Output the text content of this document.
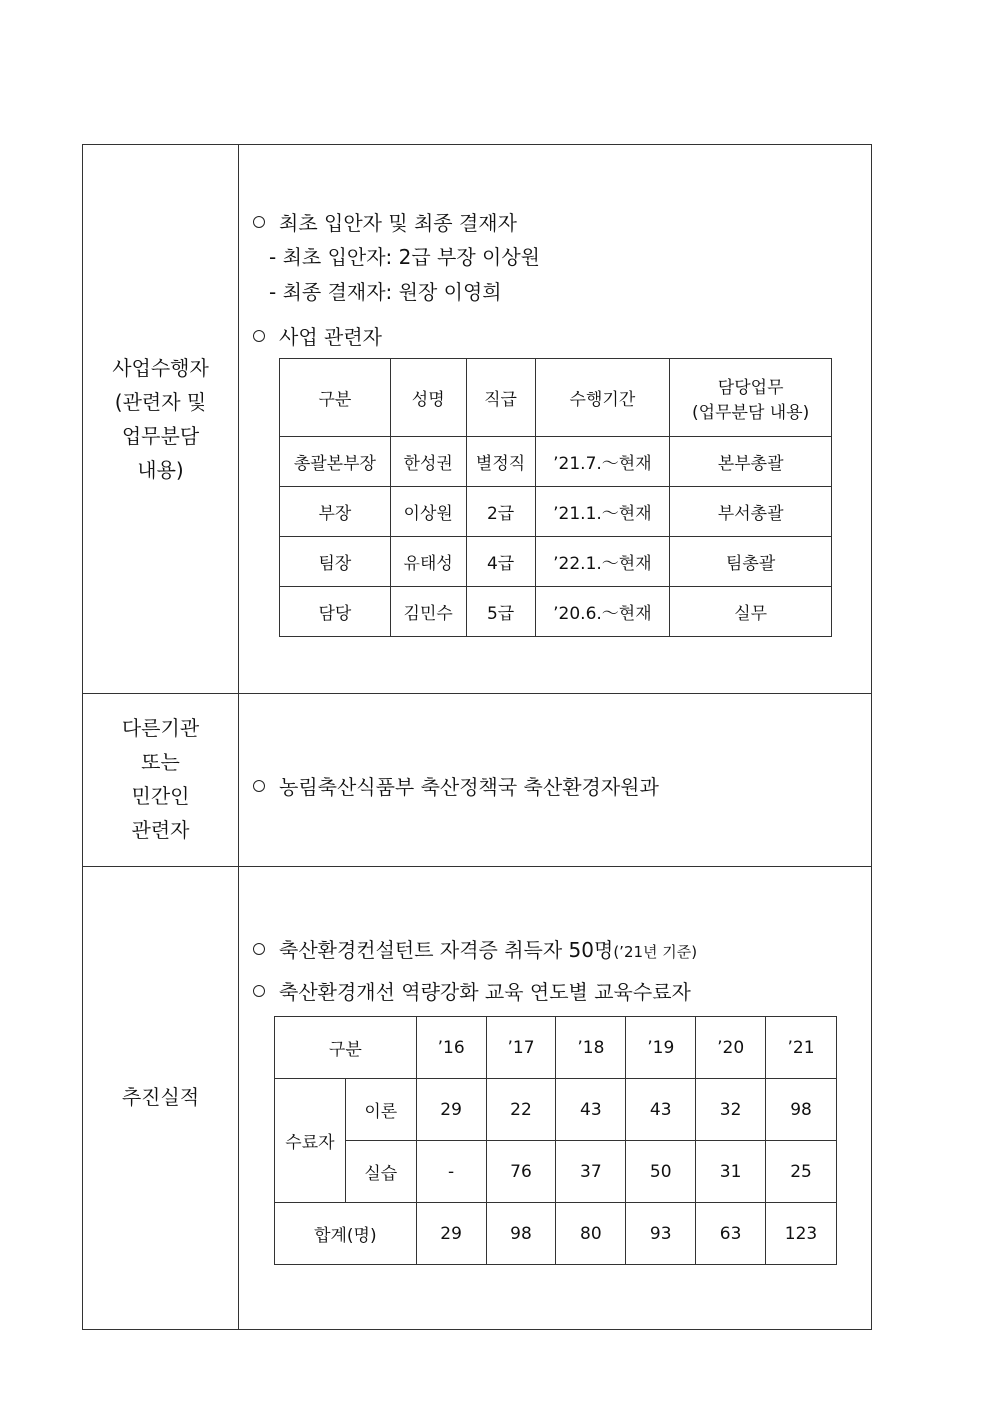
사업수행자
(관련자 및
업무분담
내용)
최초 입안자 및 최종 결재자
- 최초 입안자: 2급 부장 이상원
- 최종 결재자: 원장 이영희
사업 관련자
구분	성명	직급	수행기간	담당업무
(업무분담 내용)

총괄본부장	한성권	별정직	’21.7.～현재	본부총괄
부장	이상원	2급	’21.1.～현재	부서총괄
팀장	유태성	4급	’22.1.～현재	팀총괄
담당	김민수	5급	’20.6.～현재	실무
다른기관
또는
민간인
관련자
농림축산식품부 축산정책국 축산환경자원과
추진실적
축산환경컨설턴트 자격증 취득자 50명(’21년 기준)
축산환경개선 역량강화 교육 연도별 교육수료자
구분		’16	’17	’18	’19	’20	’21
수료자	이론	29	22	43	43	32	98
	실습	-	76	37	50	31	25
합계(명)		29	98	80	93	63	123
